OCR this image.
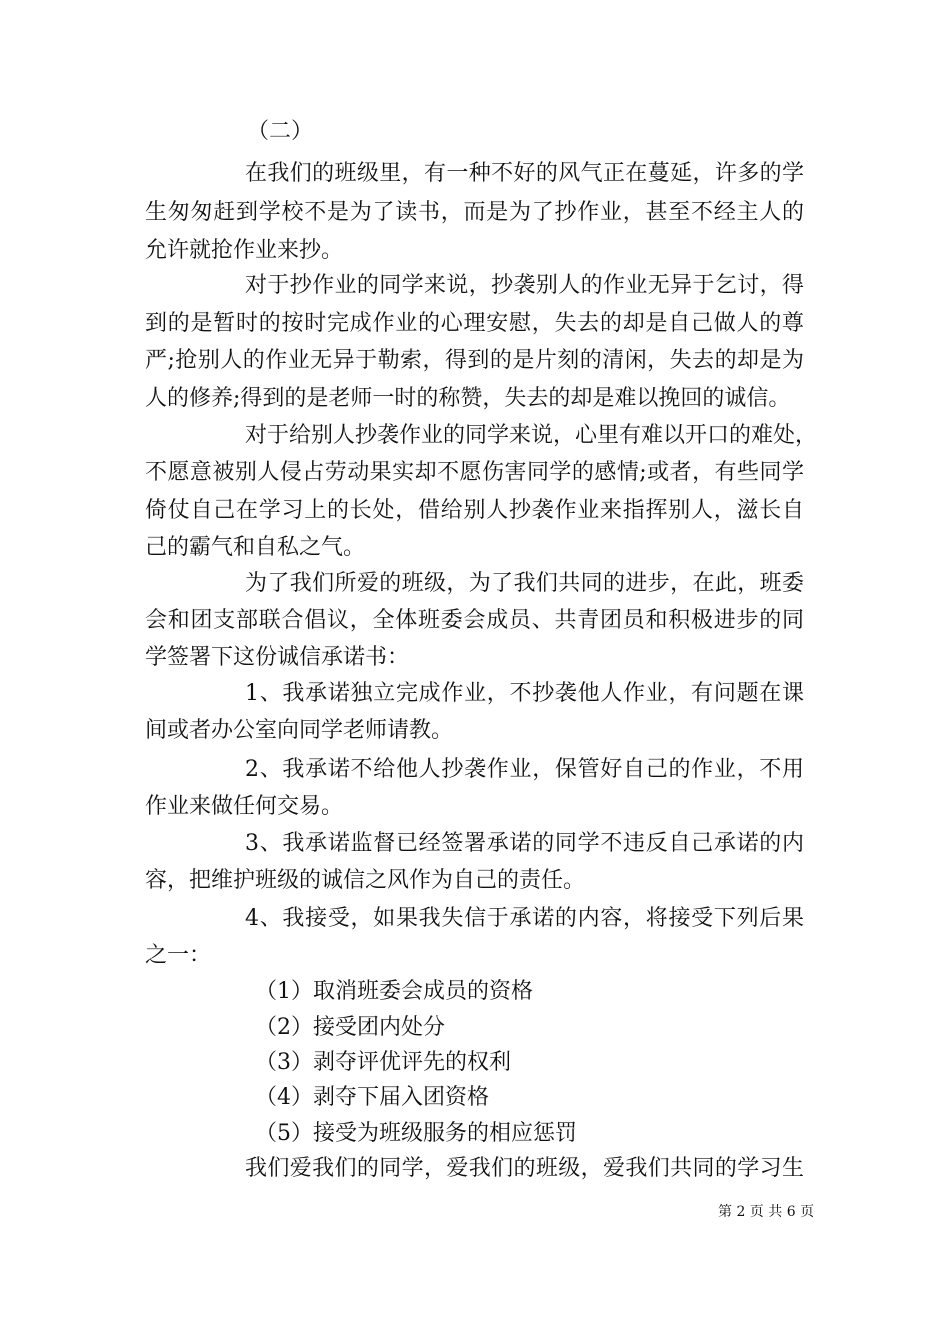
（二）
在我们的班级里，有一种不好的风气正在蔓延，许多的学
生匆匆赶到学校不是为了读书，而是为了抄作业，甚至不经主人的
允许就抢作业来抄。
对于抄作业的同学来说，抄袭别人的作业无异于乞讨，得
到的是暂时的按时完成作业的心理安慰，失去的却是自己做人的尊
严;抢别人的作业无异于勒索，得到的是片刻的清闲，失去的却是为
人的修养;得到的是老师一时的称赞，失去的却是难以挽回的诚信。
对于给别人抄袭作业的同学来说，心里有难以开口的难处，
不愿意被别人侵占劳动果实却不愿伤害同学的感情;或者，有些同学
倚仗自己在学习上的长处，借给别人抄袭作业来指挥别人，滋长自
己的霸气和自私之气。
为了我们所爱的班级，为了我们共同的进步，在此，班委
会和团支部联合倡议，全体班委会成员、共青团员和积极进步的同
学签署下这份诚信承诺书：
1、我承诺独立完成作业，不抄袭他人作业，有问题在课
间或者办公室向同学老师请教。
2、我承诺不给他人抄袭作业，保管好自己的作业，不用
作业来做任何交易。
3、我承诺监督已经签署承诺的同学不违反自己承诺的内
容，把维护班级的诚信之风作为自己的责任。
4、我接受，如果我失信于承诺的内容，将接受下列后果
之一：
（1）取消班委会成员的资格
（2）接受团内处分
（3）剥夺评优评先的权利
（4）剥夺下届入团资格
（5）接受为班级服务的相应惩罚
我们爱我们的同学，爱我们的班级，爱我们共同的学习生
第 2 页 共 6 页
